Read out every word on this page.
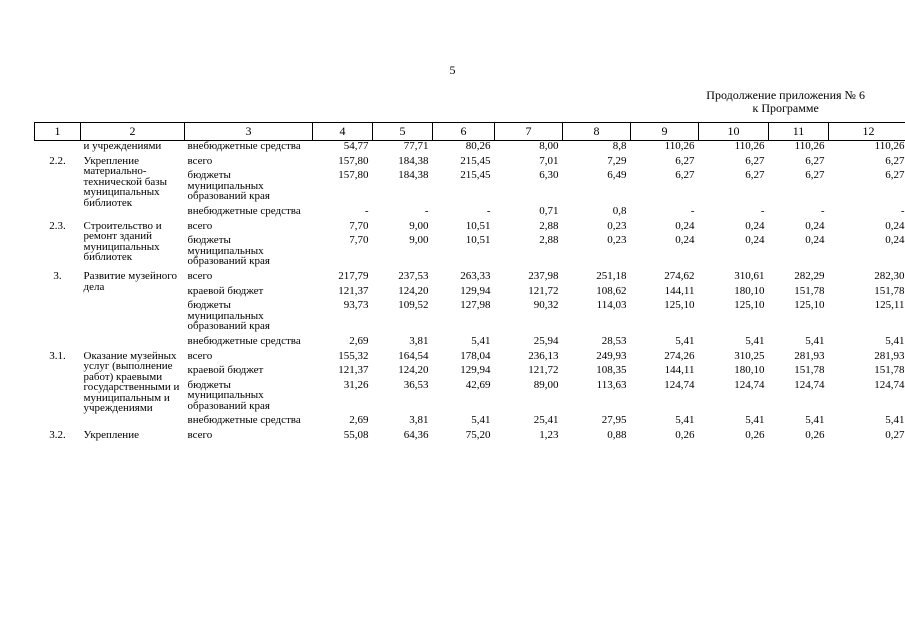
5
Продолжение приложения № 6
к Программе
1	2	3	4	5	6	7	8	9	10	11	12
	и учреждениями	внебюджетные средства	54,77	77,71	80,26	8,00	8,8	110,26	110,26	110,26	110,26
2.2.	Укрепление материально-технической базы муниципальных библиотек	всего	157,80	184,38	215,45	7,01	7,29	6,27	6,27	6,27	6,27
		бюджеты муниципальных образований края	157,80	184,38	215,45	6,30	6,49	6,27	6,27	6,27	6,27
		внебюджетные средства	-	-	-	0,71	0,8	-	-	-	-
2.3.	Строительство и ремонт зданий муниципальных библиотек	всего	7,70	9,00	10,51	2,88	0,23	0,24	0,24	0,24	0,24
		бюджеты муниципальных образований края	7,70	9,00	10,51	2,88	0,23	0,24	0,24	0,24	0,24
3.	Развитие музейного дела	всего	217,79	237,53	263,33	237,98	251,18	274,62	310,61	282,29	282,30
		краевой бюджет	121,37	124,20	129,94	121,72	108,62	144,11	180,10	151,78	151,78
		бюджеты муниципальных образований края	93,73	109,52	127,98	90,32	114,03	125,10	125,10	125,10	125,11
		внебюджетные средства	2,69	3,81	5,41	25,94	28,53	5,41	5,41	5,41	5,41
3.1.	Оказание музейных услуг (выполнение работ) краевыми государственными и муниципальным и учреждениями	всего	155,32	164,54	178,04	236,13	249,93	274,26	310,25	281,93	281,93
		краевой бюджет	121,37	124,20	129,94	121,72	108,35	144,11	180,10	151,78	151,78
		бюджеты муниципальных образований края	31,26	36,53	42,69	89,00	113,63	124,74	124,74	124,74	124,74
		внебюджетные средства	2,69	3,81	5,41	25,41	27,95	5,41	5,41	5,41	5,41
3.2.	Укрепление	всего	55,08	64,36	75,20	1,23	0,88	0,26	0,26	0,26	0,27
